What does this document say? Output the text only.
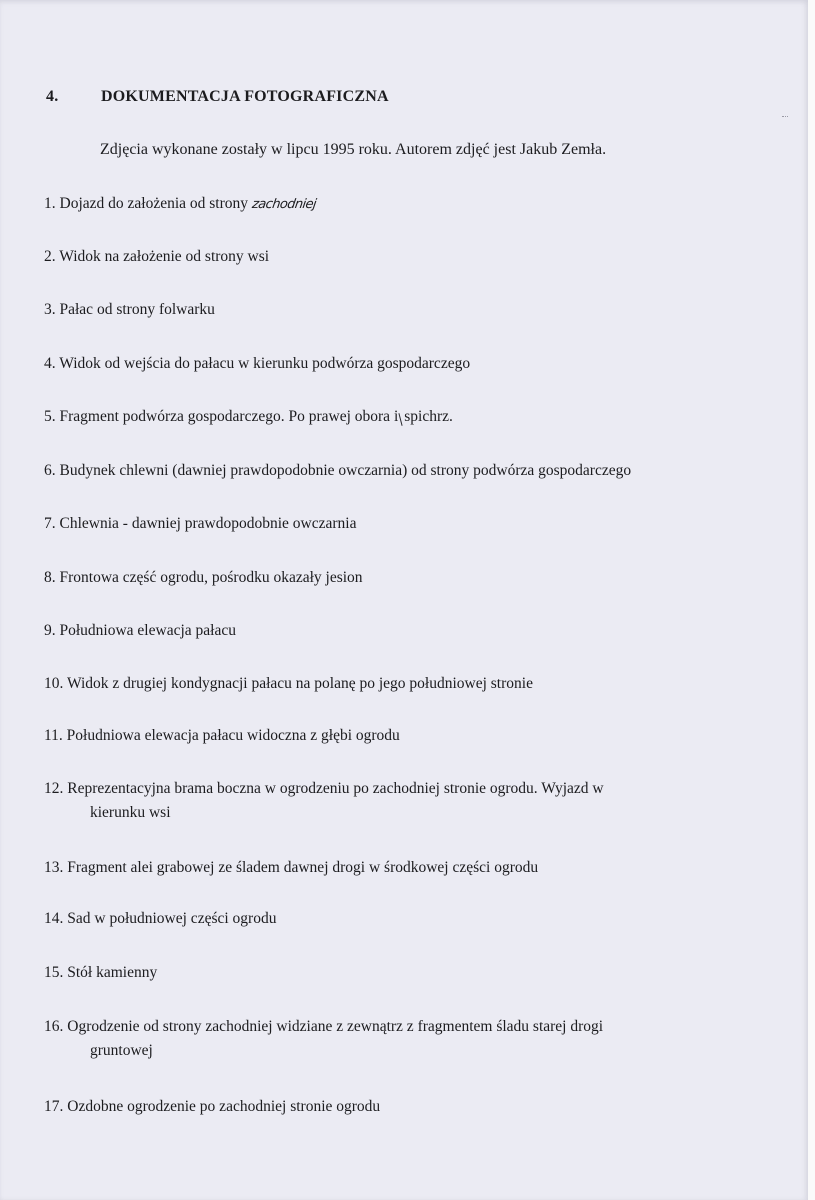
4.	DOKUMENTACJA FOTOGRAFICZNA
Zdjęcia wykonane zostały w lipcu 1995 roku. Autorem zdjęć jest Jakub Zemła.
1. Dojazd do założenia od strony zachodniej
2. Widok na założenie od strony wsi
3. Pałac od strony folwarku
4. Widok od wejścia do pałacu w kierunku podwórza gospodarczego
5. Fragment podwórza gospodarczego. Po prawej obora i spichrz.
6. Budynek chlewni (dawniej prawdopodobnie owczarnia) od strony podwórza gospodarczego
7. Chlewnia - dawniej prawdopodobnie owczarnia
8. Frontowa część ogrodu, pośrodku okazały jesion
9. Południowa elewacja pałacu
10. Widok z drugiej kondygnacji pałacu na polanę po jego południowej stronie
11. Południowa elewacja pałacu widoczna z głębi ogrodu
12. Reprezentacyjna brama boczna w ogrodzeniu po zachodniej stronie ogrodu. Wyjazd w
kierunku wsi
13. Fragment alei grabowej ze śladem dawnej drogi w środkowej części ogrodu
14. Sad w południowej części ogrodu
15. Stół kamienny
16. Ogrodzenie od strony zachodniej widziane z zewnątrz z fragmentem śladu starej drogi
gruntowej
17. Ozdobne ogrodzenie po zachodniej stronie ogrodu
